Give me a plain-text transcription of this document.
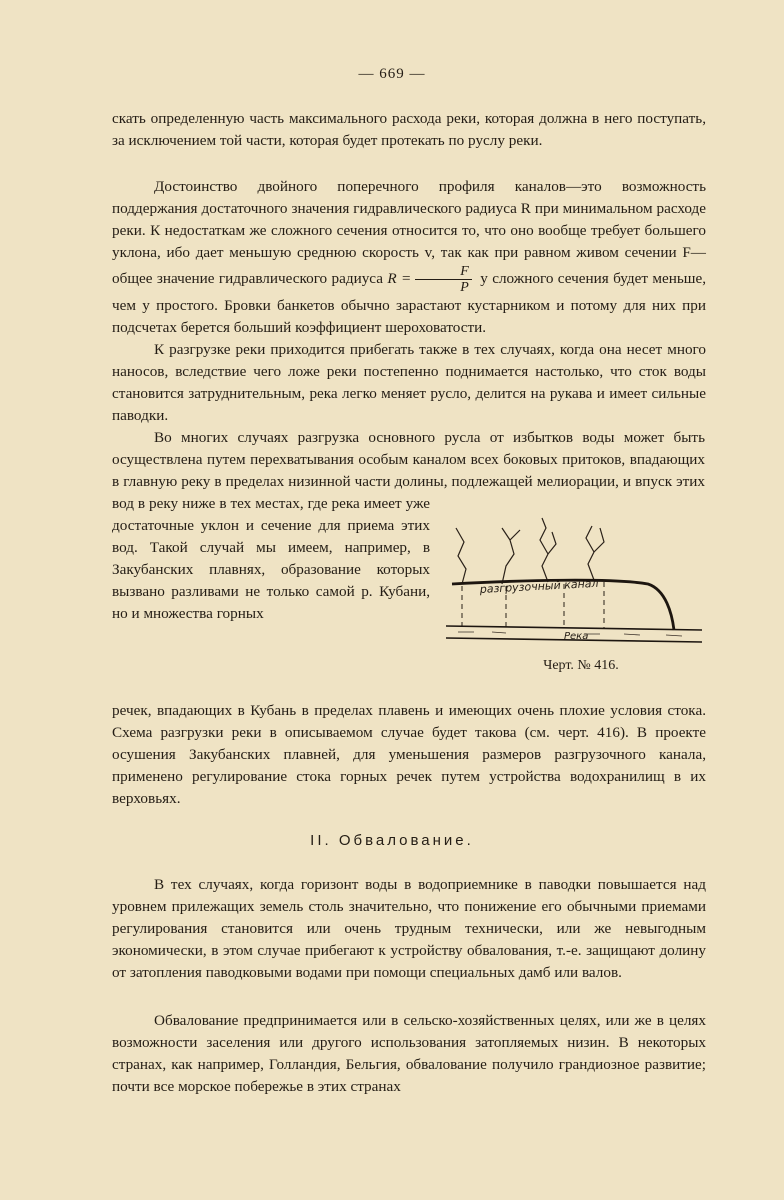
— 669 —

скать определенную часть максимального расхода реки, которая должна в него поступать, за исключением той части, которая будет протекать по руслу реки.

Достоинство двойного поперечного профиля каналов—это возможность поддержания достаточного значения гидравлического радиуса R при минимальном расходе реки. К недостаткам же сложного сечения относится то, что оно вообще требует большего уклона, ибо дает меньшую среднюю скорость v, так как при равном живом сечении F—общее значение гидравлического радиуса $R = \frac{F}{P}$ у сложного сечения будет меньше, чем у простого. Бровки банкетов обычно зарастают кустарником и потому для них при подсчетах берется больший коэффициент шероховатости.

К разгрузке реки приходится прибегать также в тех случаях, когда она несет много наносов, вследствие чего ложе реки постепенно поднимается настолько, что сток воды становится затруднительным, река легко меняет русло, делится на рукава и имеет сильные паводки.

Во многих случаях разгрузка основного русла от избытков воды может быть осуществлена путем перехватывания особым каналом всех боковых притоков, впадающих в главную реку в пределах низинной части долины, подлежащей мелиорации, и впуск этих вод в реку ниже в тех местах, где река имеет уже достаточные уклон и сечение для приема этих вод. Такой случай мы имеем, например, в Закубанских плавнях, образование которых вызвано разливами не только самой р. Кубани, но и множества горных

разгрузочный канал
Река
Черт. № 416.

речек, впадающих в Кубань в пределах плавень и имеющих очень плохие условия стока. Схема разгрузки реки в описываемом случае будет такова (см. черт. 416). В проекте осушения Закубанских плавней, для уменьшения размеров разгрузочного канала, применено регулирование стока горных речек путем устройства водохранилищ в их верховьях.

II. Обвалование.

В тех случаях, когда горизонт воды в водоприемнике в паводки повышается над уровнем прилежащих земель столь значительно, что понижение его обычными приемами регулирования становится или очень трудным технически, или же невыгодным экономически, в этом случае прибегают к устройству обвалования, т.-е. защищают долину от затопления паводковыми водами при помощи специальных дамб или валов.

Обвалование предпринимается или в сельско-хозяйственных целях, или же в целях возможности заселения или другого использования затопляемых низин. В некоторых странах, как например, Голландия, Бельгия, обвалование получило грандиозное развитие; почти все морское побережье в этих странах
